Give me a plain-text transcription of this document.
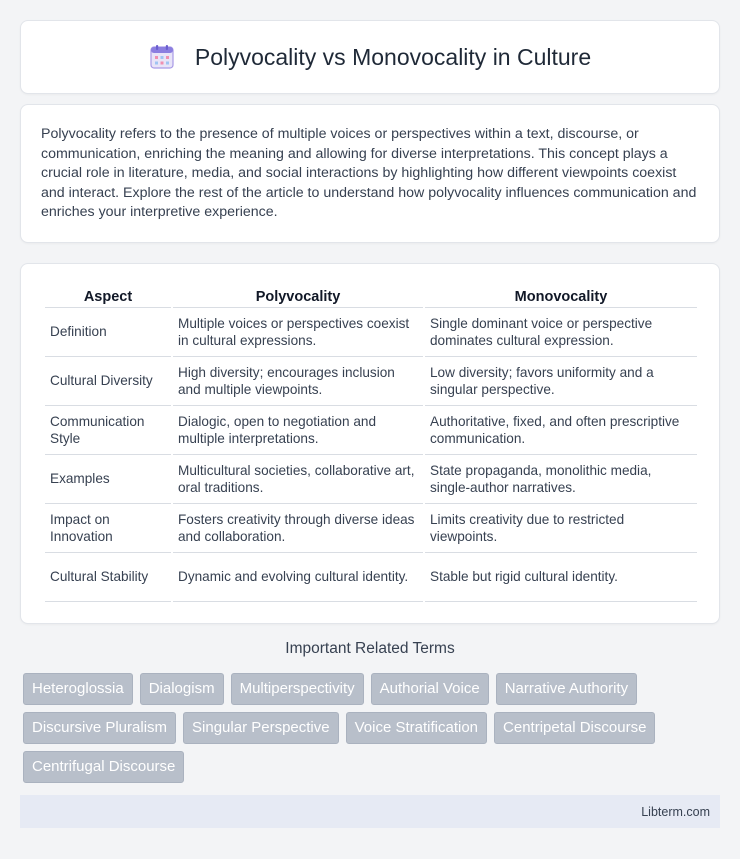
Polyvocality vs Monovocality in Culture

Polyvocality refers to the presence of multiple voices or perspectives within a text, discourse, or communication, enriching the meaning and allowing for diverse interpretations. This concept plays a crucial role in literature, media, and social interactions by highlighting how different viewpoints coexist and interact. Explore the rest of the article to understand how polyvocality influences communication and enriches your interpretive experience.

Aspect	Polyvocality	Monovocality
Definition	Multiple voices or perspectives coexist in cultural expressions.	Single dominant voice or perspective dominates cultural expression.
Cultural Diversity	High diversity; encourages inclusion and multiple viewpoints.	Low diversity; favors uniformity and a singular perspective.
Communication Style	Dialogic, open to negotiation and multiple interpretations.	Authoritative, fixed, and often prescriptive communication.
Examples	Multicultural societies, collaborative art, oral traditions.	State propaganda, monolithic media, single-author narratives.
Impact on Innovation	Fosters creativity through diverse ideas and collaboration.	Limits creativity due to restricted viewpoints.
Cultural Stability	Dynamic and evolving cultural identity.	Stable but rigid cultural identity.
Important Related Terms
Heteroglossia	Dialogism	Multiperspectivity	Authorial Voice	Narrative Authority
Discursive Pluralism	Singular Perspective	Voice Stratification	Centripetal Discourse
Centrifugal Discourse
Libterm.com
